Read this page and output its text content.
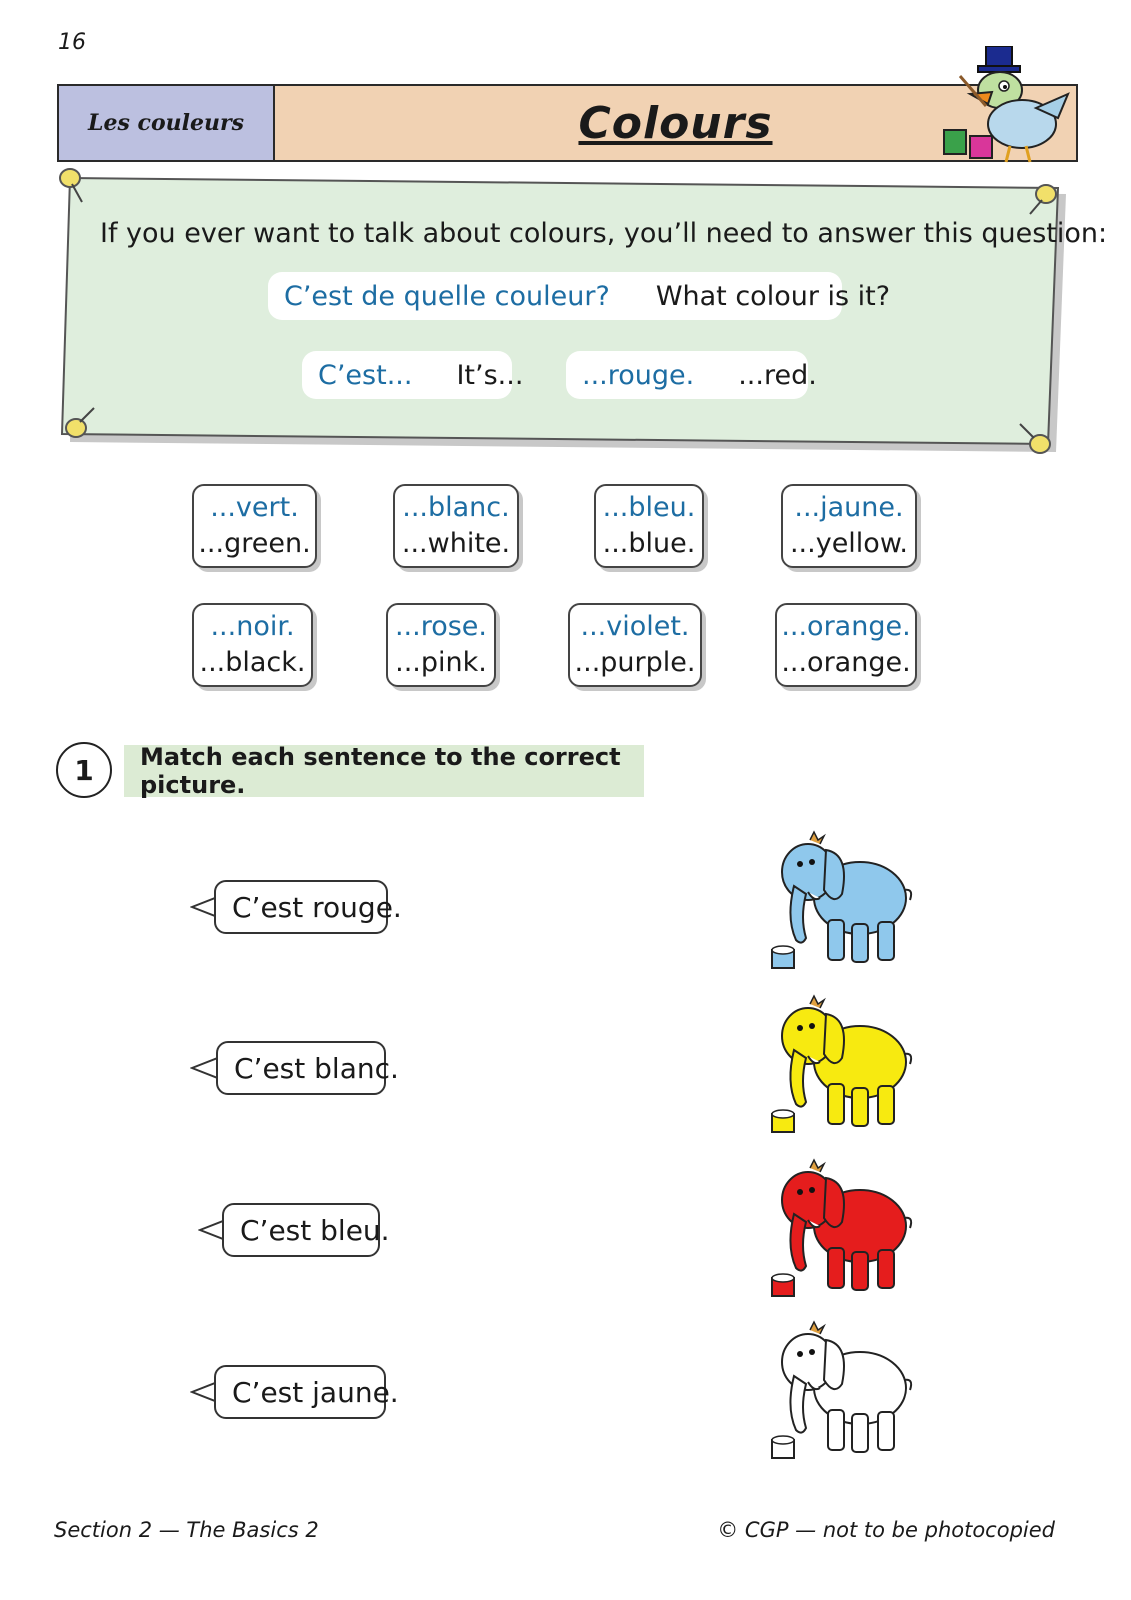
16
Les couleurs	Colours
If you ever want to talk about colours, you’ll need to answer this question:
C’est de quelle couleur? What colour is it?
C’est... It’s... ...rouge. ...red.
...vert.
...green.
...blanc.
...white.
...bleu.
...blue.
...jaune.
...yellow.
...noir.
...black.
...rose.
...pink.
...violet.
...purple.
...orange.
...orange.
1	Match each sentence to the correct picture.
C’est rouge.
C’est blanc.
C’est bleu.
C’est jaune.
Section 2 — The Basics 2	© CGP — not to be photocopied
